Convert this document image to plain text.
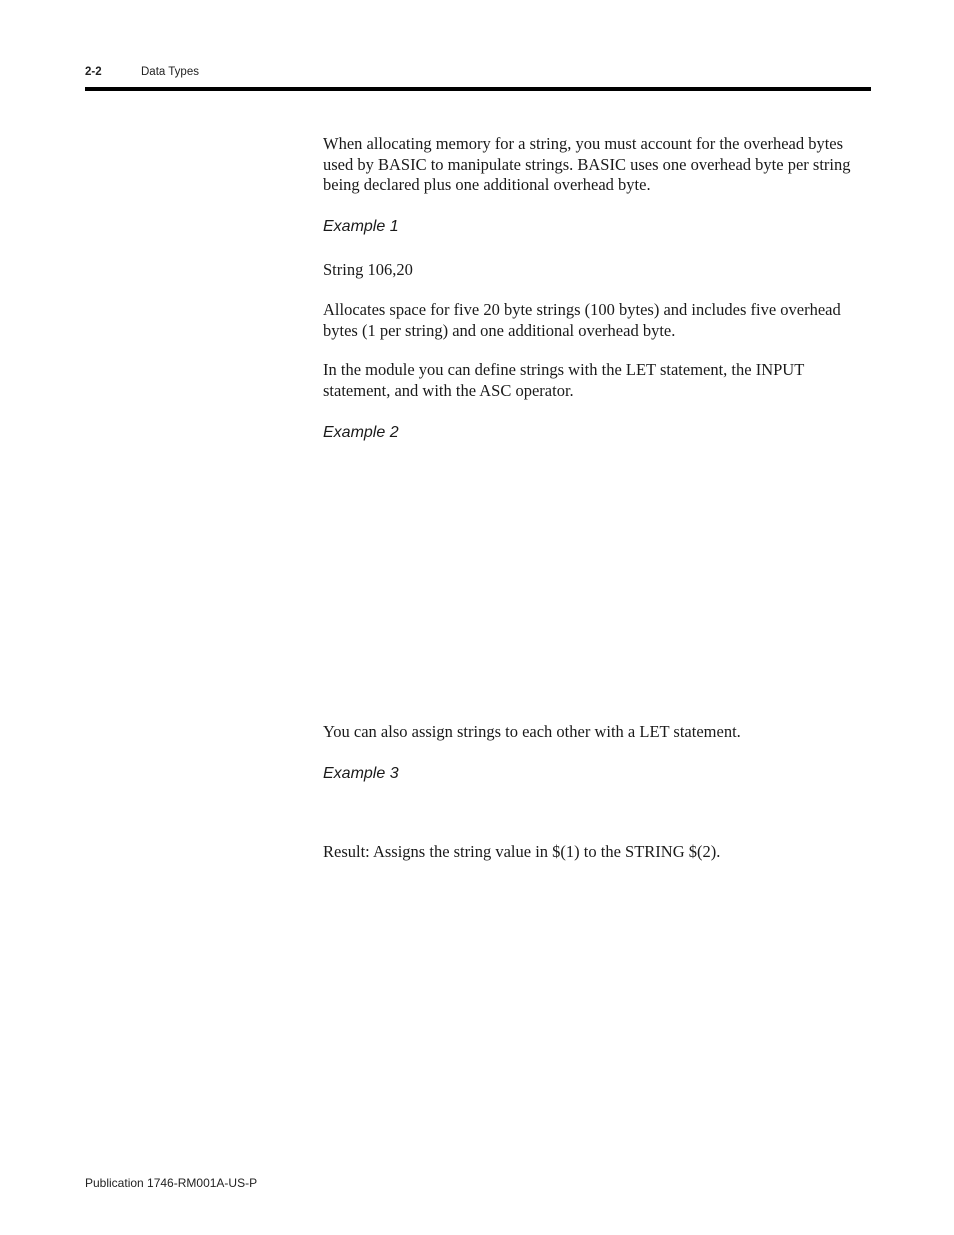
2-2	Data Types

When allocating memory for a string, you must account for the overhead bytes used by BASIC to manipulate strings. BASIC uses one overhead byte per string being declared plus one additional overhead byte.

Example 1

String 106,20

Allocates space for five 20 byte strings (100 bytes) and includes five overhead bytes (1 per string) and one additional overhead byte.

In the module you can define strings with the LET statement, the INPUT statement, and with the ASC operator.

Example 2

You can also assign strings to each other with a LET statement.

Example 3

Result: Assigns the string value in $(1) to the STRING $(2).

Publication 1746-RM001A-US-P
